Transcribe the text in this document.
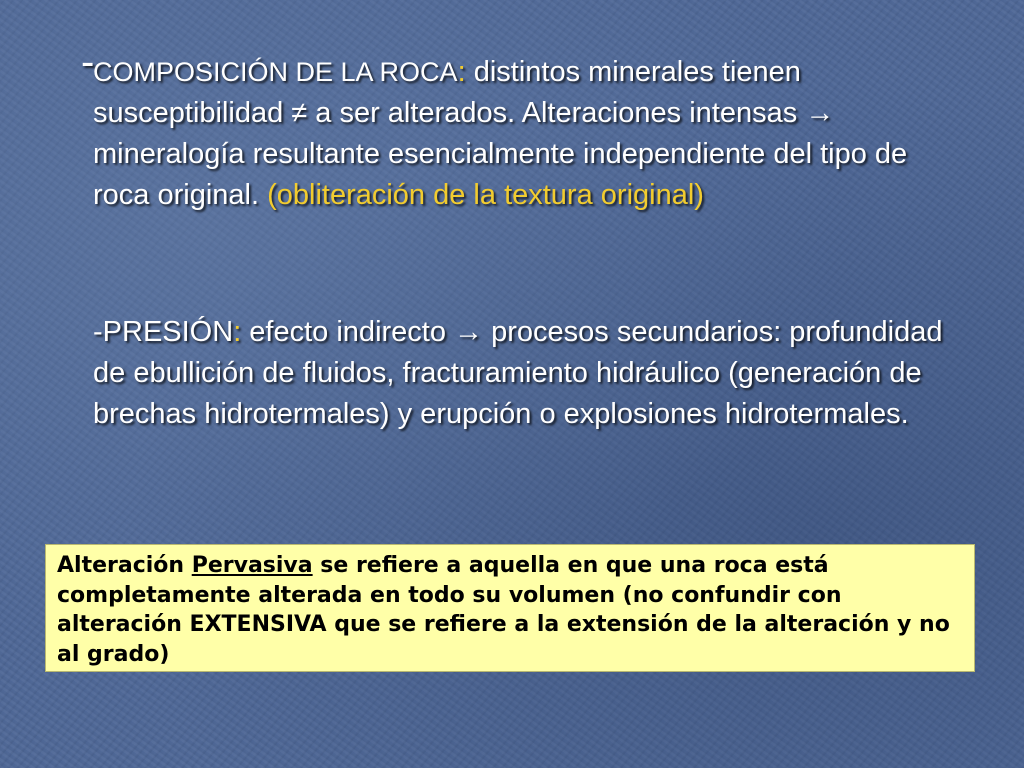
-
COMPOSICIÓN DE LA ROCA: distintos minerales tienen susceptibilidad ≠ a ser alterados. Alteraciones intensas → mineralogía resultante esencialmente independiente del tipo de roca original. (obliteración de la textura original)
-PRESIÓN: efecto indirecto → procesos secundarios: profundidad de ebullición de fluidos, fracturamiento hidráulico (generación de brechas hidrotermales) y erupción o explosiones hidrotermales.
Alteración Pervasiva se refiere a aquella en que una roca está completamente alterada en todo su volumen (no confundir con alteración EXTENSIVA que se refiere a la extensión de la alteración y no al grado)
